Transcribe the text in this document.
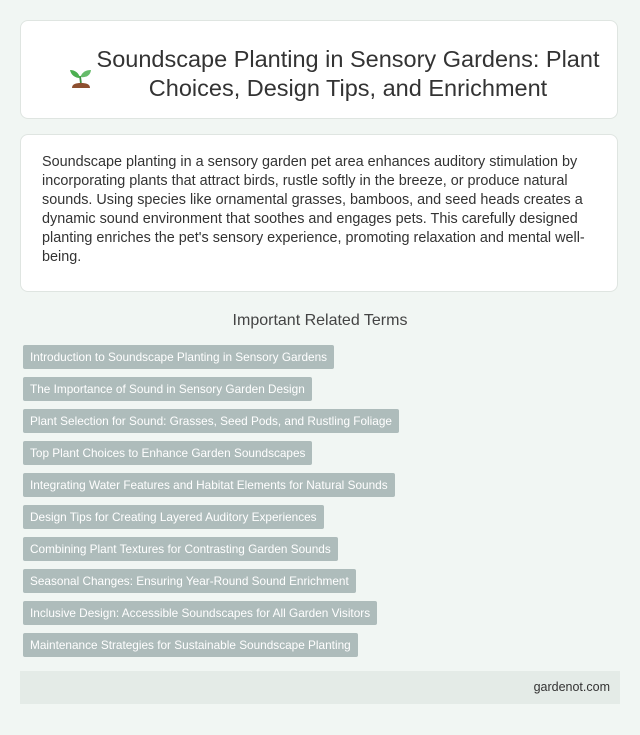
Soundscape Planting in Sensory Gardens: Plant Choices, Design Tips, and Enrichment

Soundscape planting in a sensory garden pet area enhances auditory stimulation by incorporating plants that attract birds, rustle softly in the breeze, or produce natural sounds. Using species like ornamental grasses, bamboos, and seed heads creates a dynamic sound environment that soothes and engages pets. This carefully designed planting enriches the pet's sensory experience, promoting relaxation and mental well-being.

Important Related Terms
Introduction to Soundscape Planting in Sensory Gardens
The Importance of Sound in Sensory Garden Design
Plant Selection for Sound: Grasses, Seed Pods, and Rustling Foliage
Top Plant Choices to Enhance Garden Soundscapes
Integrating Water Features and Habitat Elements for Natural Sounds
Design Tips for Creating Layered Auditory Experiences
Combining Plant Textures for Contrasting Garden Sounds
Seasonal Changes: Ensuring Year-Round Sound Enrichment
Inclusive Design: Accessible Soundscapes for All Garden Visitors
Maintenance Strategies for Sustainable Soundscape Planting
gardenot.com
